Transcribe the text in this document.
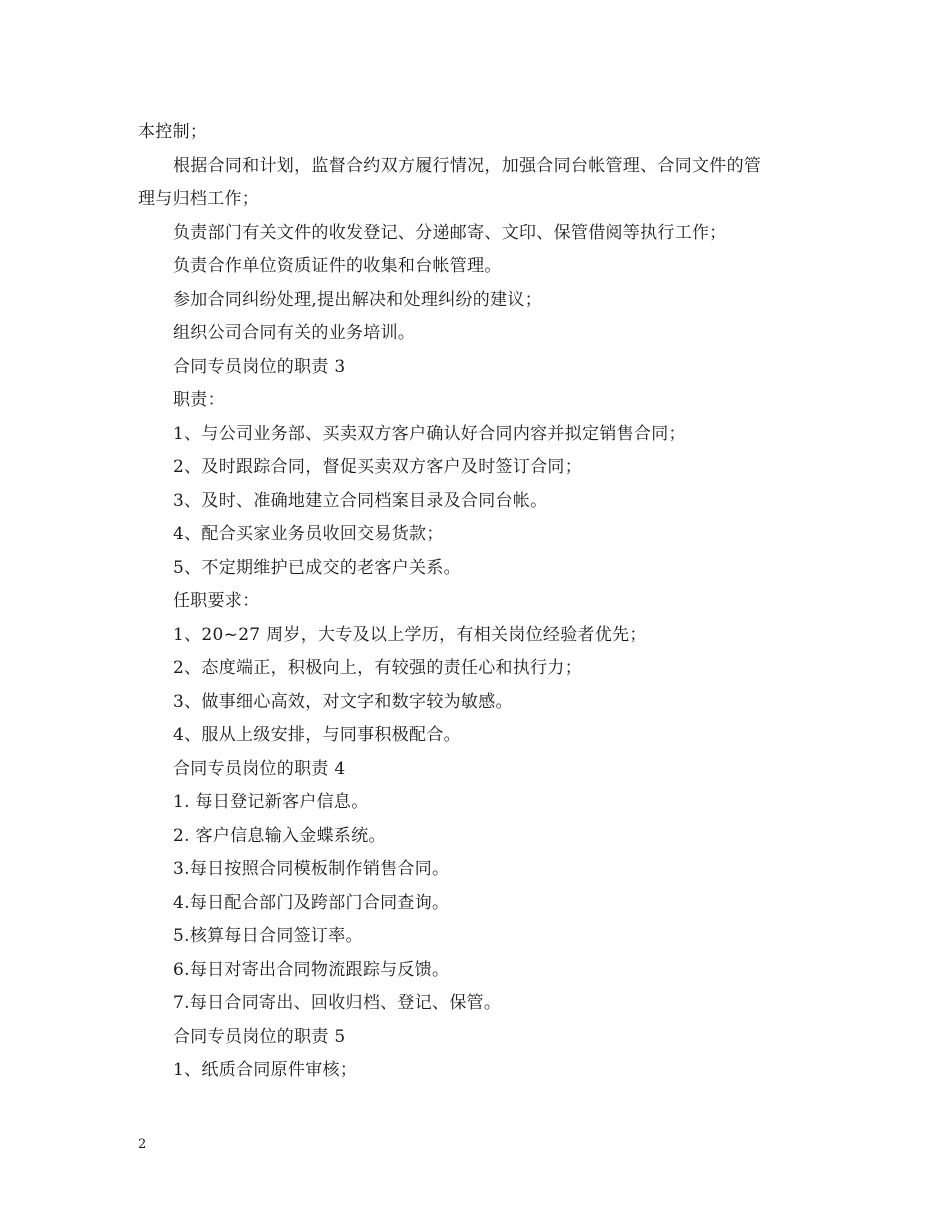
本控制；
根据合同和计划，监督合约双方履行情况，加强合同台帐管理、合同文件的管
理与归档工作；
负责部门有关文件的收发登记、分递邮寄、文印、保管借阅等执行工作；
负责合作单位资质证件的收集和台帐管理。
参加合同纠纷处理,提出解决和处理纠纷的建议；
组织公司合同有关的业务培训。
合同专员岗位的职责 3
职责：
1、与公司业务部、买卖双方客户确认好合同内容并拟定销售合同；
2、及时跟踪合同，督促买卖双方客户及时签订合同；
3、及时、准确地建立合同档案目录及合同台帐。
4、配合买家业务员收回交易货款；
5、不定期维护已成交的老客户关系。
任职要求：
1、20~27 周岁，大专及以上学历，有相关岗位经验者优先；
2、态度端正，积极向上，有较强的责任心和执行力；
3、做事细心高效，对文字和数字较为敏感。
4、服从上级安排，与同事积极配合。
合同专员岗位的职责 4
1. 每日登记新客户信息。
2. 客户信息输入金蝶系统。
3.每日按照合同模板制作销售合同。
4.每日配合部门及跨部门合同查询。
5.核算每日合同签订率。
6.每日对寄出合同物流跟踪与反馈。
7.每日合同寄出、回收归档、登记、保管。
合同专员岗位的职责 5
1、纸质合同原件审核；
2
